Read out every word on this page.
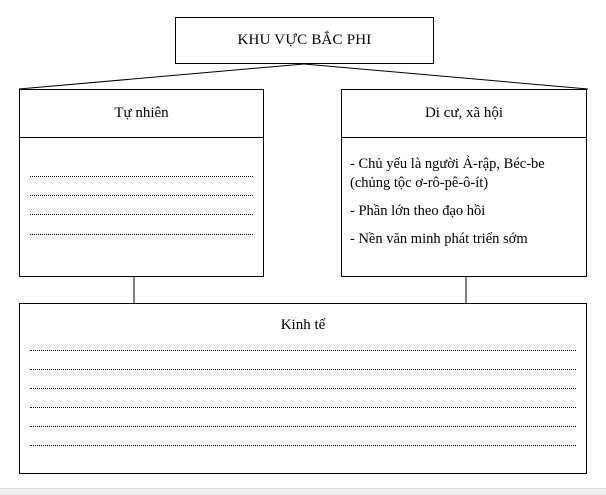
KHU VỰC BẮC PHI
Tự nhiên	Di cư, xã hội
- Chủ yếu là người Ả-rập, Béc-be (chủng tộc ơ-rô-pê-ô-ít)
- Phần lớn theo đạo hồi
- Nền văn minh phát triển sớm
Kinh tế
